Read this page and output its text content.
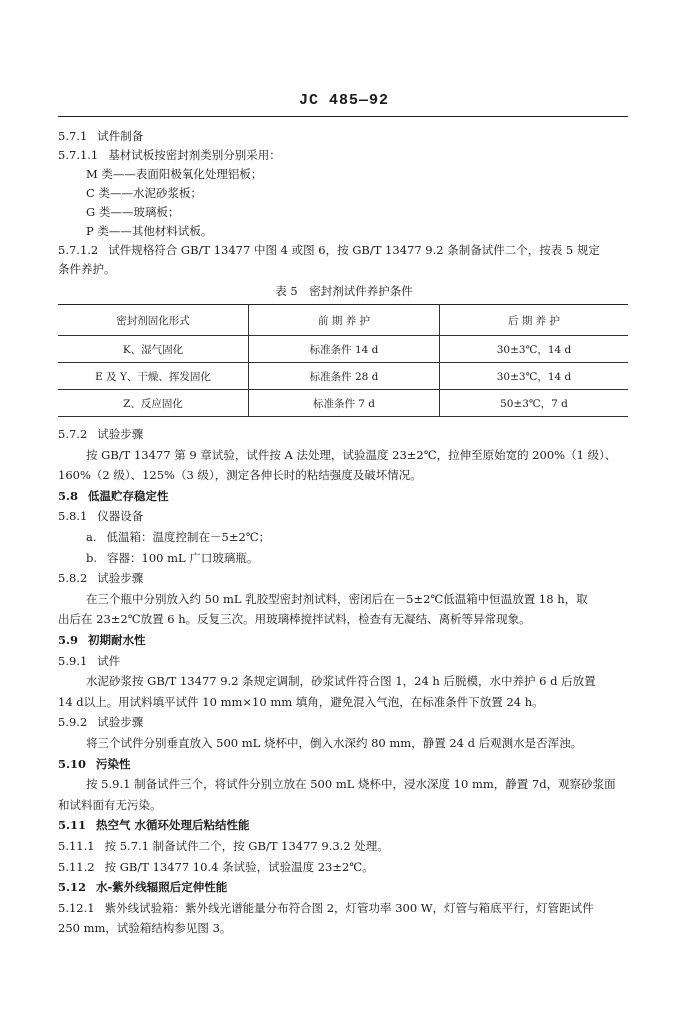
JC 485—92
5.7.1 试件制备
5.7.1.1 基材试板按密封剂类别分别采用：
M 类——表面阳极氧化处理铝板；
C 类——水泥砂浆板；
G 类——玻璃板；
P 类——其他材料试板。
5.7.1.2 试件规格符合 GB/T 13477 中图 4 或图 6，按 GB/T 13477 9.2 条制备试件二个，按表 5 规定
条件养护。
表 5　密封剂试件养护条件
密封剂固化形式	前 期 养 护	后 期 养 护
K、湿气固化	标准条件 14 d	30±3℃，14 d
E 及 Y、干燥、挥发固化	标准条件 28 d	30±3℃，14 d
Z、反应固化	标准条件 7 d	50±3℃，7 d
5.7.2 试验步骤
按 GB/T 13477 第 9 章试验，试件按 A 法处理，试验温度 23±2℃，拉伸至原始宽的 200%（1 级）、
160%（2 级）、125%（3 级），测定各伸长时的粘结强度及破坏情况。
5.8 低温贮存稳定性
5.8.1 仪器设备
a. 低温箱：温度控制在－5±2℃；
b. 容器：100 mL 广口玻璃瓶。
5.8.2 试验步骤
在三个瓶中分别放入约 50 mL 乳胶型密封剂试料，密闭后在－5±2℃低温箱中恒温放置 18 h，取
出后在 23±2℃放置 6 h。反复三次。用玻璃棒搅拌试料，检查有无凝结、离析等异常现象。
5.9 初期耐水性
5.9.1 试件
水泥砂浆按 GB/T 13477 9.2 条规定调制，砂浆试件符合图 1，24 h 后脱模，水中养护 6 d 后放置
14 d以上。用试料填平试件 10 mm×10 mm 填角，避免混入气泡，在标准条件下放置 24 h。
5.9.2 试验步骤
将三个试件分别垂直放入 500 mL 烧杯中，倒入水深约 80 mm，静置 24 d 后观测水是否浑浊。
5.10 污染性
按 5.9.1 制备试件三个，将试件分别立放在 500 mL 烧杯中，浸水深度 10 mm，静置 7d，观察砂浆面
和试料面有无污染。
5.11 热空气 水循环处理后粘结性能
5.11.1 按 5.7.1 制备试件二个，按 GB/T 13477 9.3.2 处理。
5.11.2 按 GB/T 13477 10.4 条试验，试验温度 23±2℃。
5.12 水-紫外线辐照后定伸性能
5.12.1 紫外线试验箱：紫外线光谱能量分布符合图 2，灯管功率 300 W，灯管与箱底平行，灯管距试件
250 mm，试验箱结构参见图 3。
